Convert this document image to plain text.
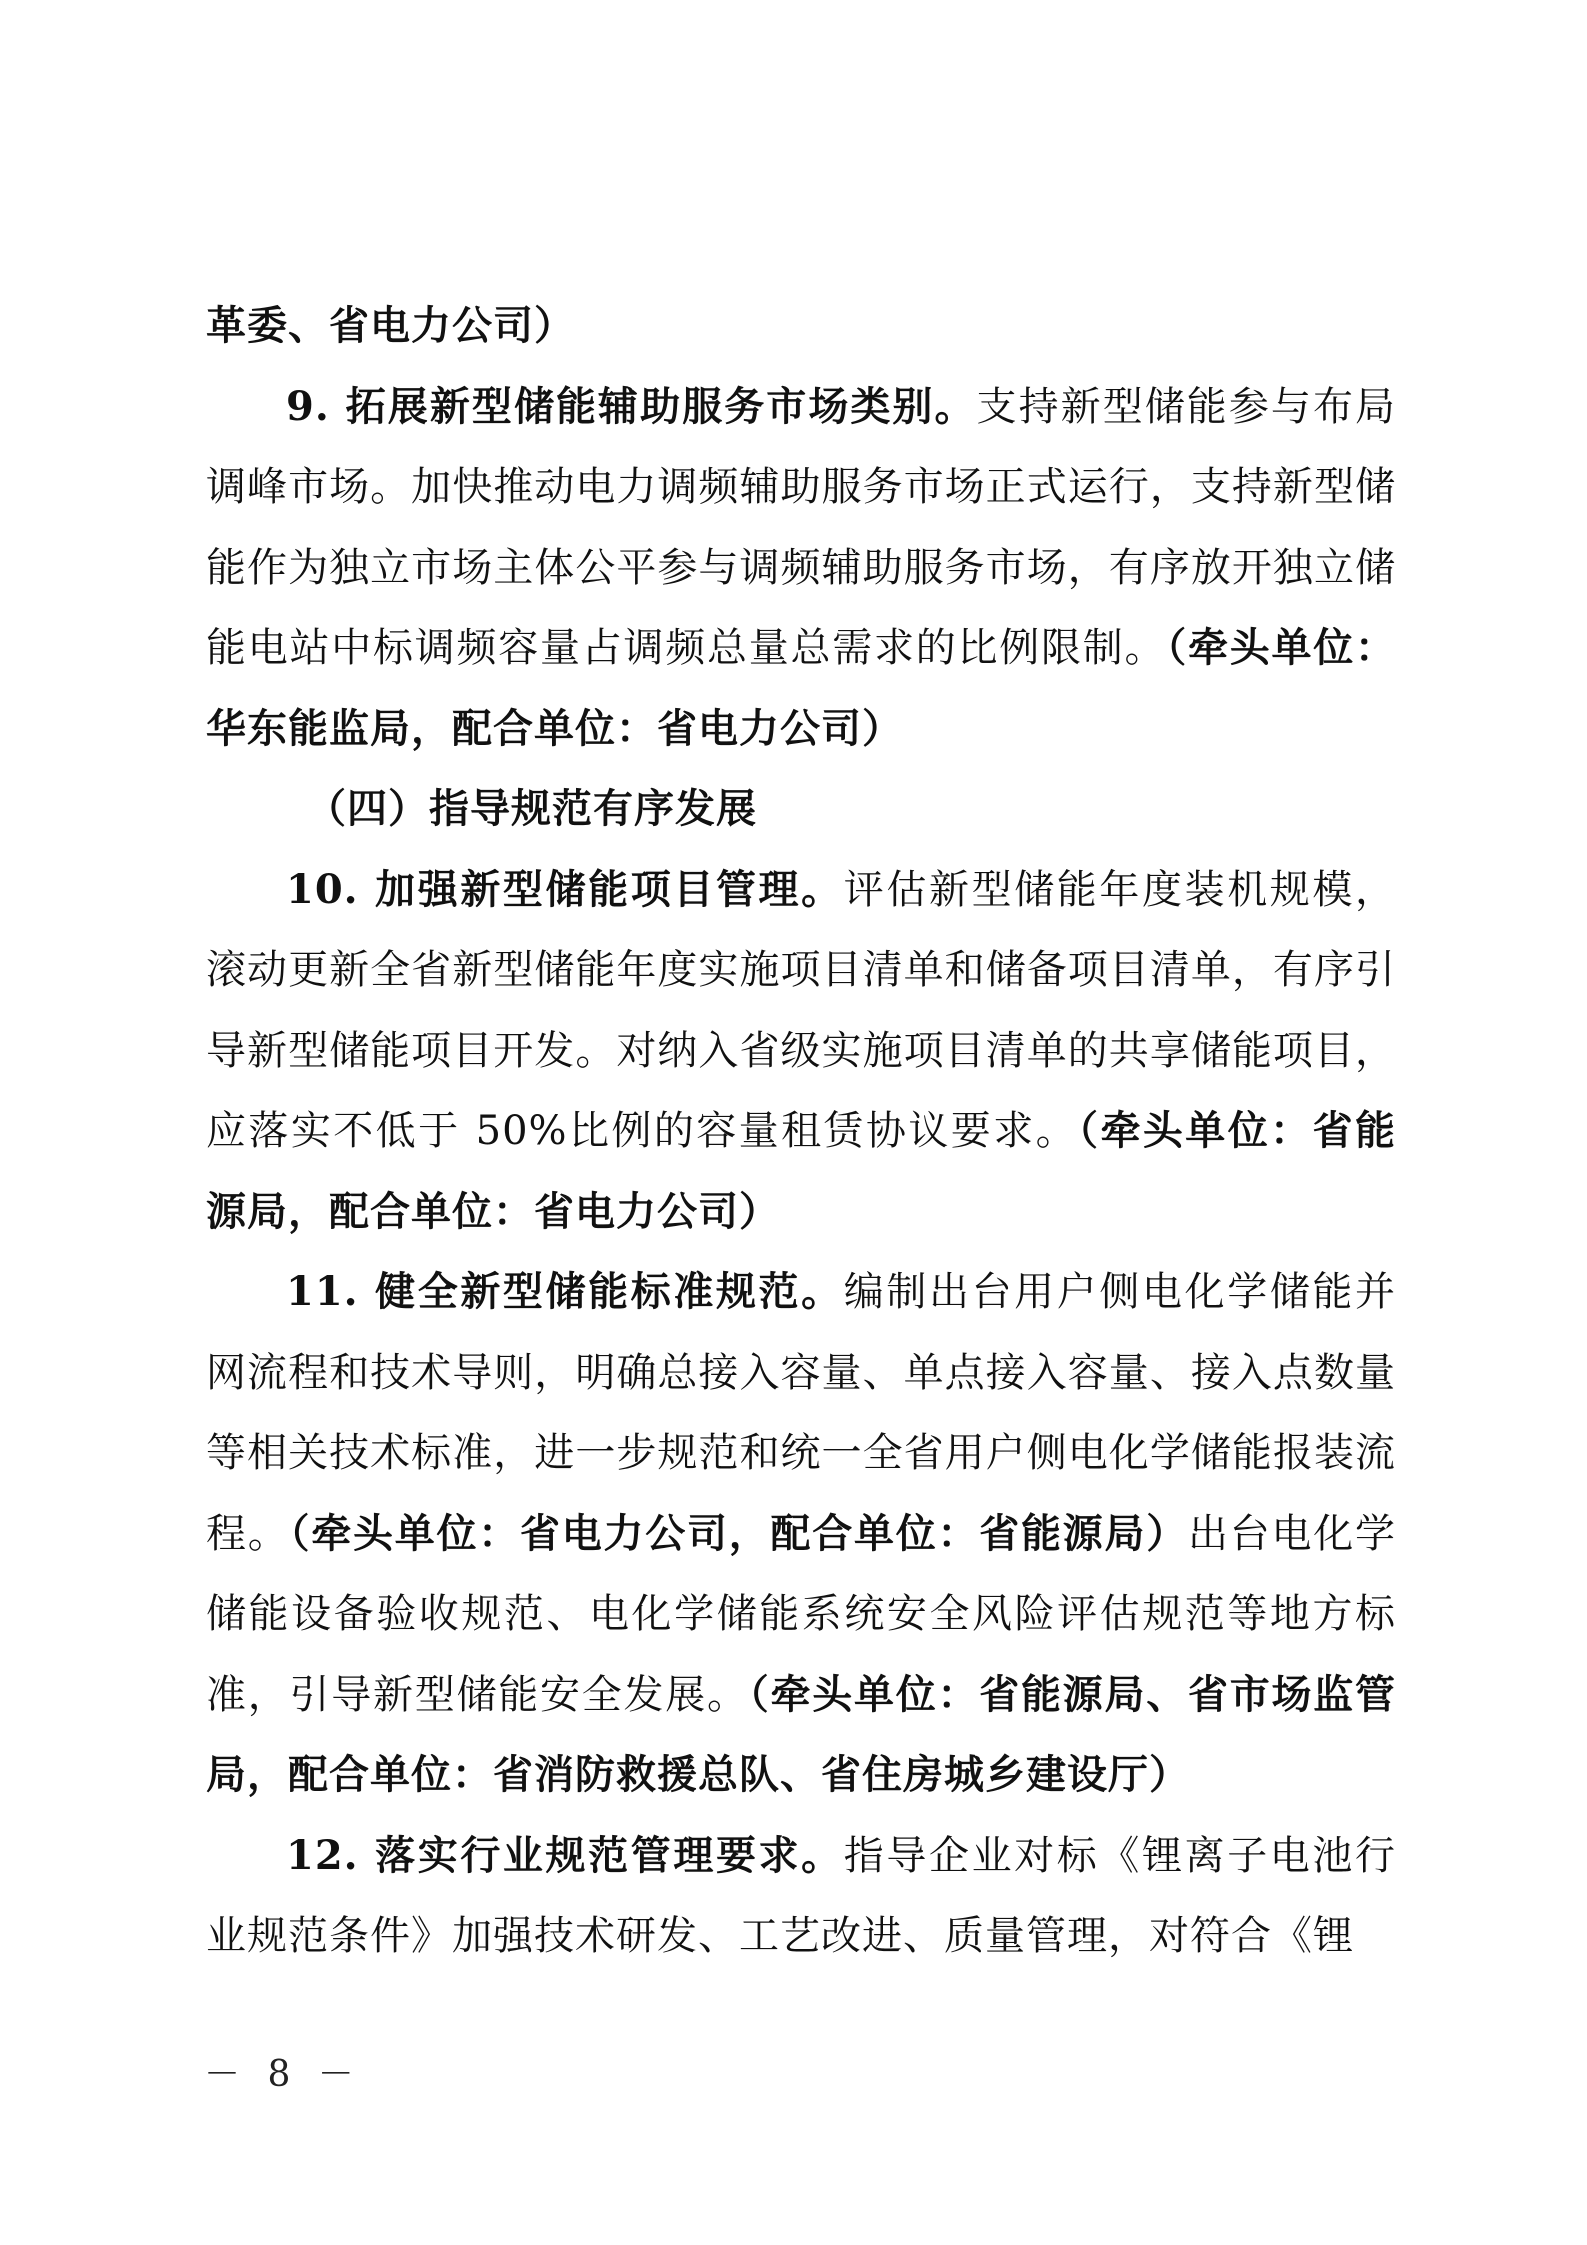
革委、省电力公司）

9. 拓展新型储能辅助服务市场类别。支持新型储能参与布局调峰市场。加快推动电力调频辅助服务市场正式运行，支持新型储能作为独立市场主体公平参与调频辅助服务市场，有序放开独立储能电站中标调频容量占调频总量总需求的比例限制。（牵头单位：华东能监局，配合单位：省电力公司）

（四）指导规范有序发展

10. 加强新型储能项目管理。评估新型储能年度装机规模，滚动更新全省新型储能年度实施项目清单和储备项目清单，有序引导新型储能项目开发。对纳入省级实施项目清单的共享储能项目，应落实不低于 50%比例的容量租赁协议要求。（牵头单位：省能源局，配合单位：省电力公司）

11. 健全新型储能标准规范。编制出台用户侧电化学储能并网流程和技术导则，明确总接入容量、单点接入容量、接入点数量等相关技术标准，进一步规范和统一全省用户侧电化学储能报装流程。（牵头单位：省电力公司，配合单位：省能源局）出台电化学储能设备验收规范、电化学储能系统安全风险评估规范等地方标准，引导新型储能安全发展。（牵头单位：省能源局、省市场监管局，配合单位：省消防救援总队、省住房城乡建设厅）

12. 落实行业规范管理要求。指导企业对标《锂离子电池行业规范条件》加强技术研发、工艺改进、质量管理，对符合《锂

－ 8 －
